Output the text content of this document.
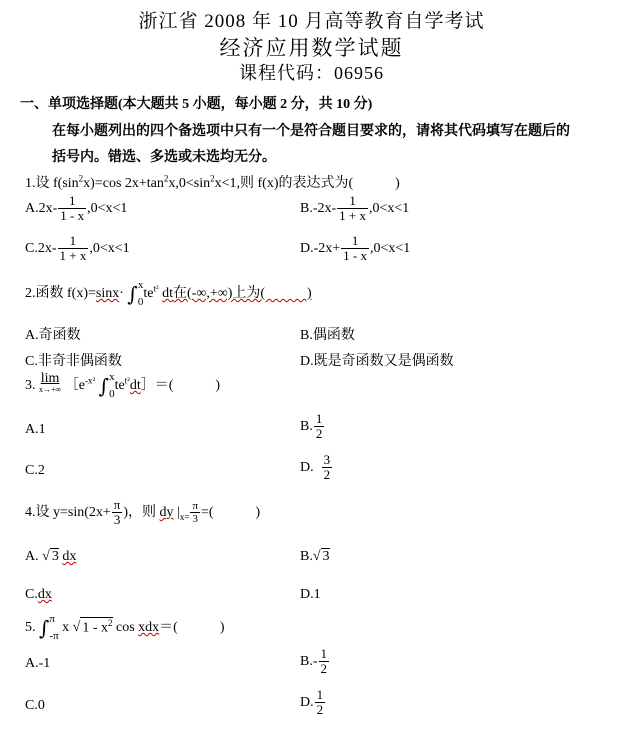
浙江省 2008 年 10 月高等教育自学考试
经济应用数学试题
课程代码：06956
一、单项选择题(本大题共 5 小题，每小题 2 分，共 10 分)
在每小题列出的四个备选项中只有一个是符合题目要求的，请将其代码填写在题后的
括号内。错选、多选或未选均无分。
1.设 $f(\sin^2x)=\cos$ $2x+\tan^2x,0<\sin^2x<1$,则 f(x)的表达式为(　　　)
$A.2x- \frac{1}{1 - x} ,0<x<1$	$B.-2x- \frac{1}{1 + x} ,0<x<1$
$C.2x- \frac{1}{1 + x} ,0<x<1$	$D.-2x+ \frac{1}{1 - x} ,0<x<1$
2.函数 f(x)=sinx· ∫ x
0
$te^{t^2}$ dt在(-∞,+∞)上为(　　　)
A.奇函数	B.偶函数
C.非奇非偶函数	D.既是奇函数又是偶函数
3. lim
x→+∞ $[e^{-x^2}$ ∫ x
0
$te^{t^2}dt]=$(　　　)
A.1	B. $\frac{1}{2}$
C.2	D. $\frac{3}{2}$
4.设 $y=\sin(2x+ \frac{\pi}{3}$ )，则 dy $|_{x=} \frac{\pi}{3}$ =(　　　)
A. √ 3 dx	B.√ 3
C.dx	D.1
5. ∫ π
-π
x √ $1 - x^2$ cos xdx＝(　　　)
A.-1	$B.- \frac{1}{2}$
C.0	D. $\frac{1}{2}$
